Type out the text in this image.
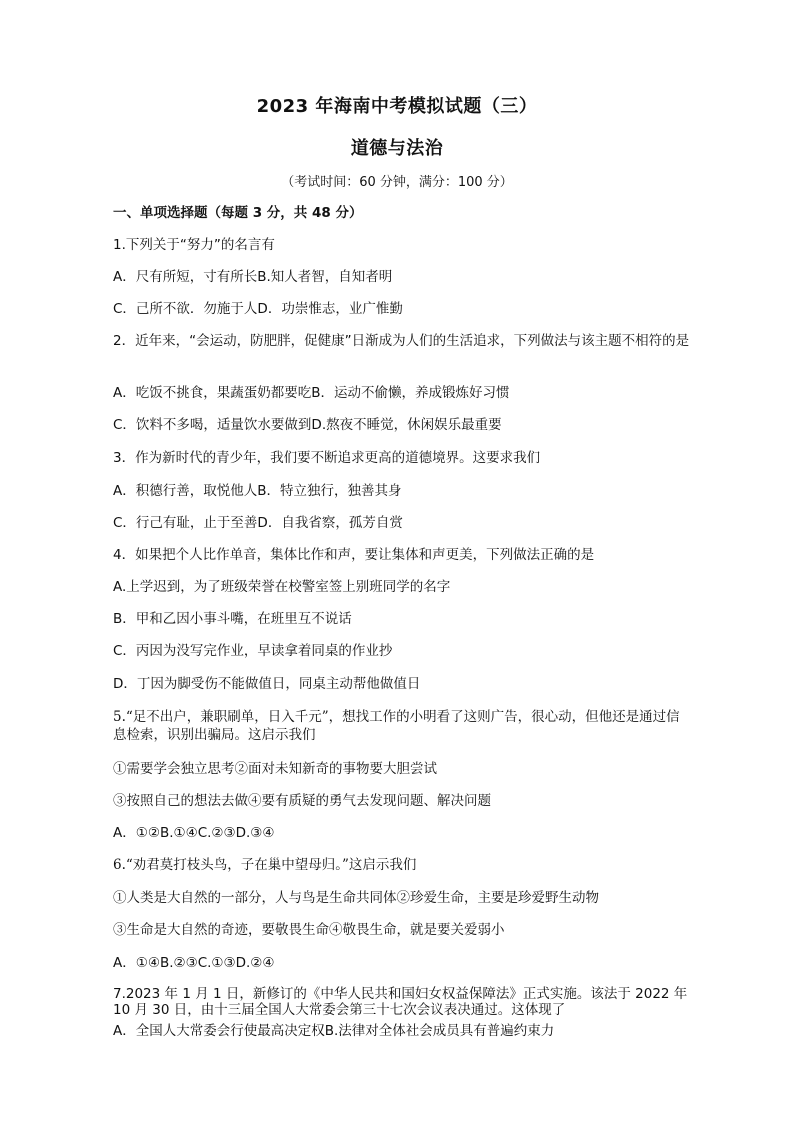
2023 年海南中考模拟试题（三）
道德与法治
（考试时间：60 分钟，满分：100 分）
一、单项选择题（每题 3 分，共 48 分）
1.下列关于“努力”的名言有
A．尺有所短，寸有所长B.知人者智，自知者明
C．己所不欲．勿施于人D．功崇惟志，业广惟勤
2．近年来，“会运动，防肥胖，促健康”日渐成为人们的生活追求，下列做法与该主题不相符的是
A．吃饭不挑食，果蔬蛋奶都要吃B．运动不偷懒，养成锻炼好习惯
C．饮料不多喝，适量饮水要做到D.熬夜不睡觉，休闲娱乐最重要
3．作为新时代的青少年，我们要不断追求更高的道德境界。这要求我们
A．积德行善，取悦他人B．特立独行，独善其身
C．行己有耻，止于至善D．自我省察，孤芳自赏
4．如果把个人比作单音，集体比作和声，要让集体和声更美，下列做法正确的是
A.上学迟到，为了班级荣誉在校警室签上别班同学的名字
B．甲和乙因小事斗嘴，在班里互不说话
C．丙因为没写完作业，早读拿着同桌的作业抄
D．丁因为脚受伤不能做值日，同桌主动帮他做值日
5.“足不出户，兼职刷单，日入千元”，想找工作的小明看了这则广告，很心动，但他还是通过信息检索，识别出骗局。这启示我们
①需要学会独立思考②面对未知新奇的事物要大胆尝试
③按照自己的想法去做④要有质疑的勇气去发现问题、解决问题
A．①②B.①④C.②③D.③④
6.“劝君莫打枝头鸟，子在巢中望母归。”这启示我们
①人类是大自然的一部分，人与鸟是生命共同体②珍爱生命，主要是珍爱野生动物
③生命是大自然的奇迹，要敬畏生命④敬畏生命，就是要关爱弱小
A．①④B.②③C.①③D.②④
7.2023 年 1 月 1 日，新修订的《中华人民共和国妇女权益保障法》正式实施。该法于 2022 年 10 月 30 日，由十三届全国人大常委会第三十七次会议表决通过。这体现了
A．全国人大常委会行使最高决定权B.法律对全体社会成员具有普遍约束力
